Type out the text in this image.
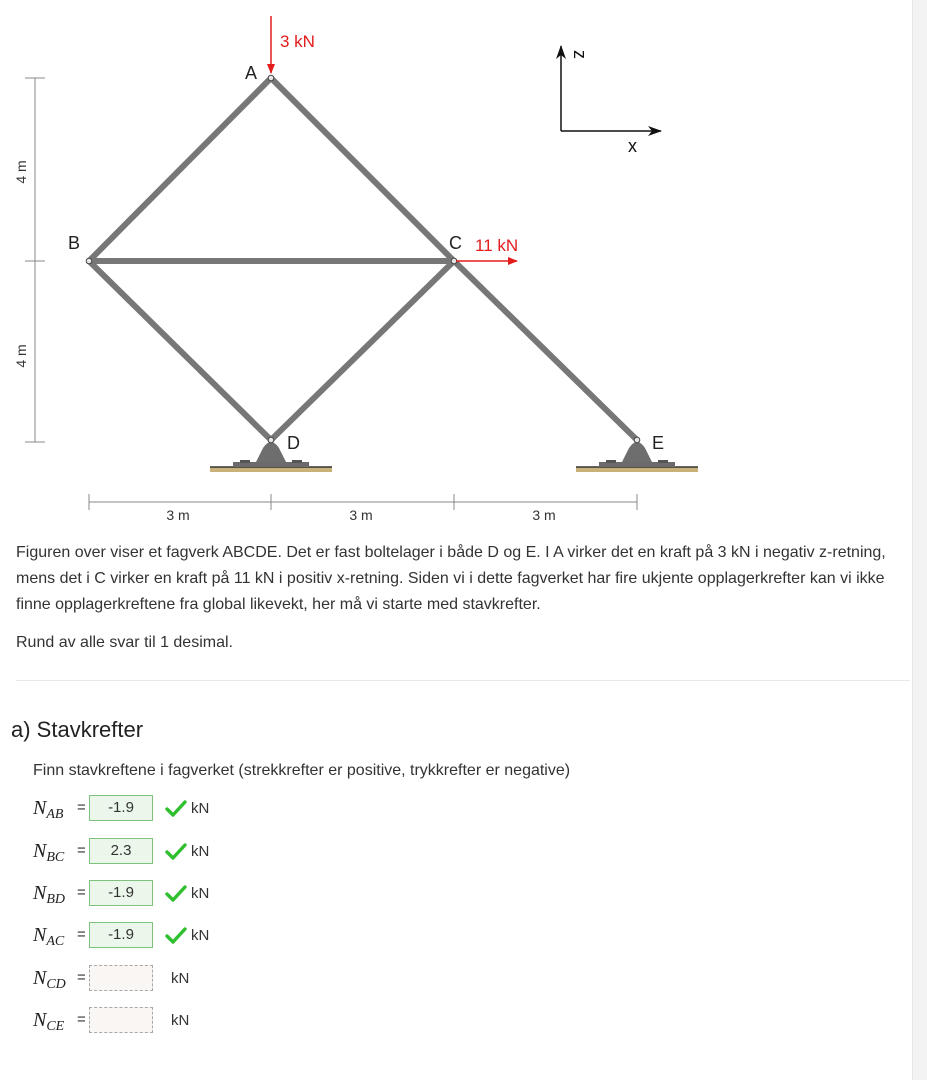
4 m
4 m
3 m	3 m	3 m
A
B	C
D	E
3 kN
11 kN
z
x

Figuren over viser et fagverk ABCDE. Det er fast boltelager i både D og E. I A virker det en kraft på 3 kN i negativ z-retning, mens det i C virker en kraft på 11 kN i positiv x-retning. Siden vi i dette fagverket har fire ukjente opplagerkrefter kan vi ikke finne opplagerkreftene fra global likevekt, her må vi starte med stavkrefter.

Rund av alle svar til 1 desimal.

a) Stavkrefter

Finn stavkreftene i fagverket (strekkrefter er positive, trykkrefter er negative)

$N_{AB}$ =	-1.9	kN
$N_{BC}$ =	2.3	kN
$N_{BD}$ =	-1.9	kN
$N_{AC}$ =	-1.9	kN
$N_{CD}$ =	kN
$N_{CE}$ =	kN
